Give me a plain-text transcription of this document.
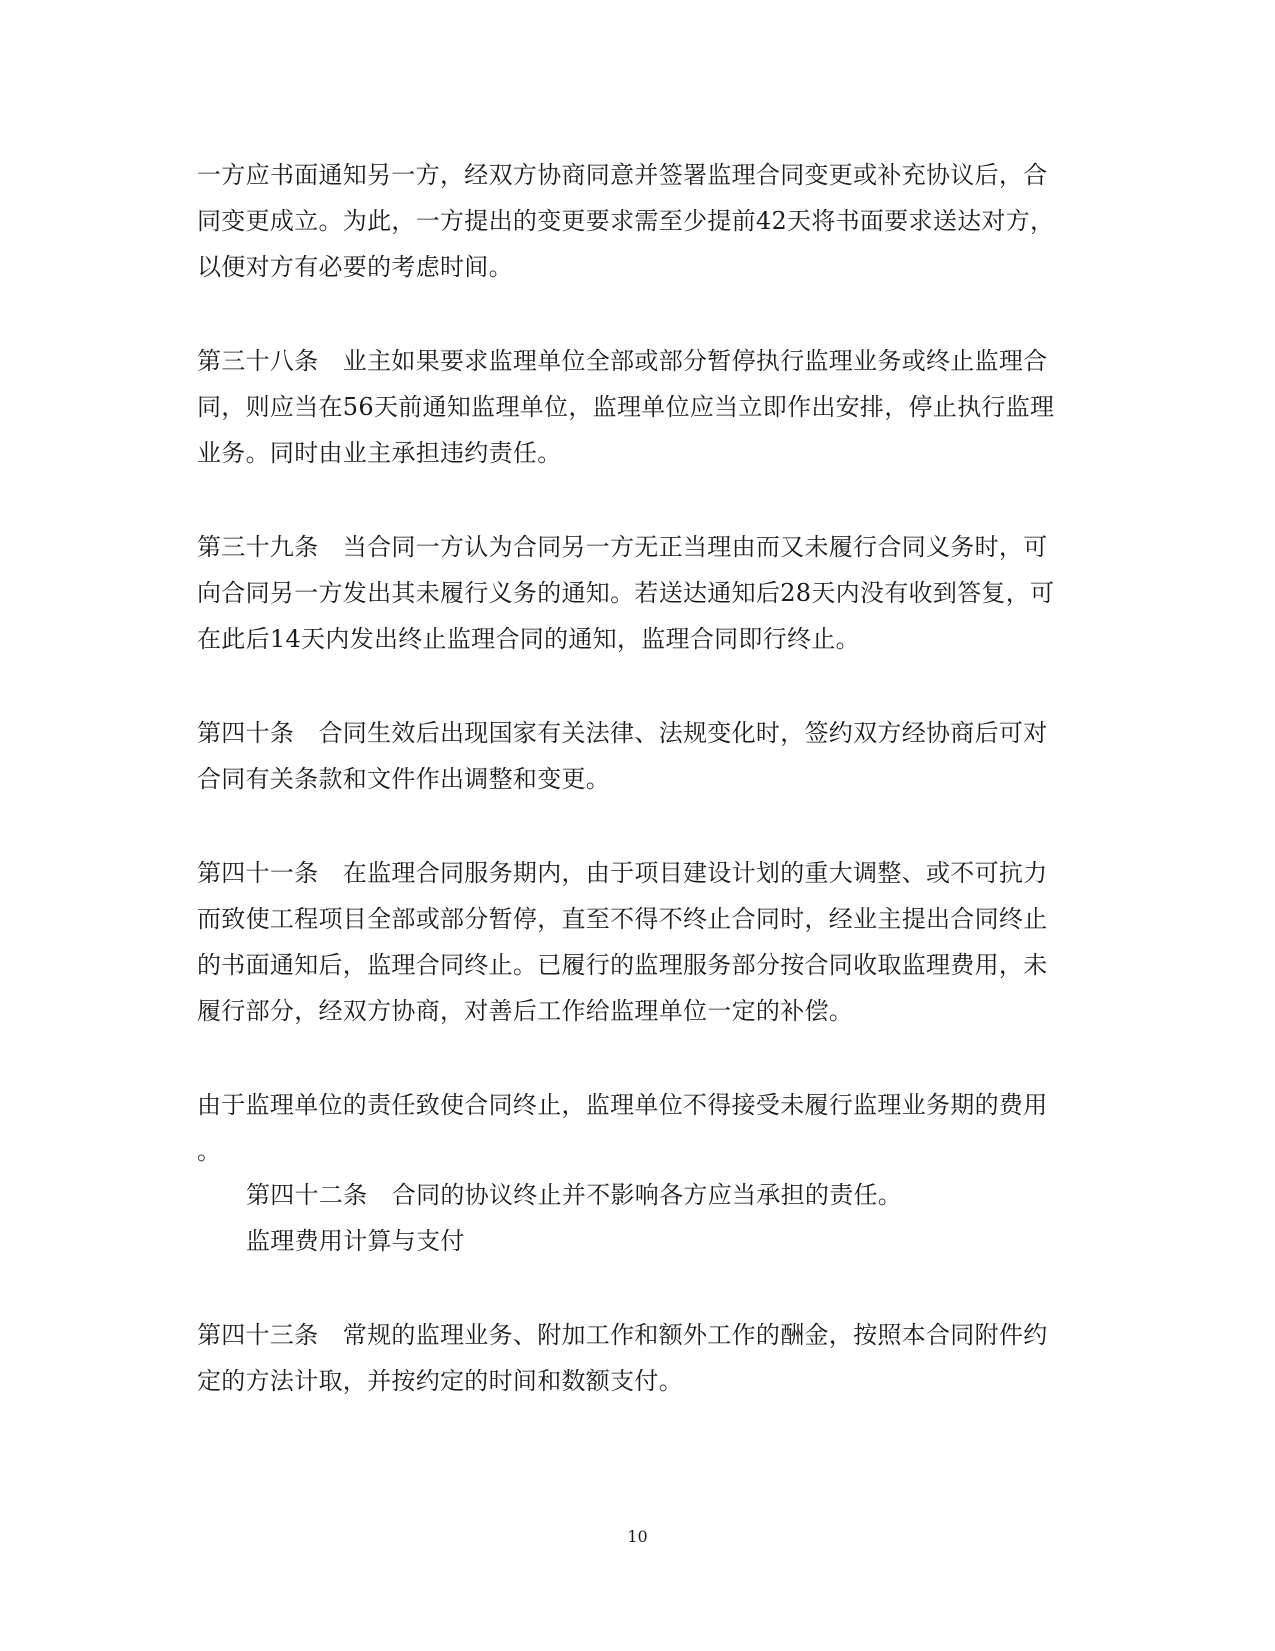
一方应书面通知另一方，经双方协商同意并签署监理合同变更或补充协议后，合
同变更成立。为此，一方提出的变更要求需至少提前42天将书面要求送达对方，
以便对方有必要的考虑时间。
第三十八条　业主如果要求监理单位全部或部分暂停执行监理业务或终止监理合
同，则应当在56天前通知监理单位，监理单位应当立即作出安排，停止执行监理
业务。同时由业主承担违约责任。
第三十九条　当合同一方认为合同另一方无正当理由而又未履行合同义务时，可
向合同另一方发出其未履行义务的通知。若送达通知后28天内没有收到答复，可
在此后14天内发出终止监理合同的通知，监理合同即行终止。
第四十条　合同生效后出现国家有关法律、法规变化时，签约双方经协商后可对
合同有关条款和文件作出调整和变更。
第四十一条　在监理合同服务期内，由于项目建设计划的重大调整、或不可抗力
而致使工程项目全部或部分暂停，直至不得不终止合同时，经业主提出合同终止
的书面通知后，监理合同终止。已履行的监理服务部分按合同收取监理费用，未
履行部分，经双方协商，对善后工作给监理单位一定的补偿。
由于监理单位的责任致使合同终止，监理单位不得接受未履行监理业务期的费用
。
第四十二条　合同的协议终止并不影响各方应当承担的责任。
监理费用计算与支付
第四十三条　常规的监理业务、附加工作和额外工作的酬金，按照本合同附件约
定的方法计取，并按约定的时间和数额支付。
10
